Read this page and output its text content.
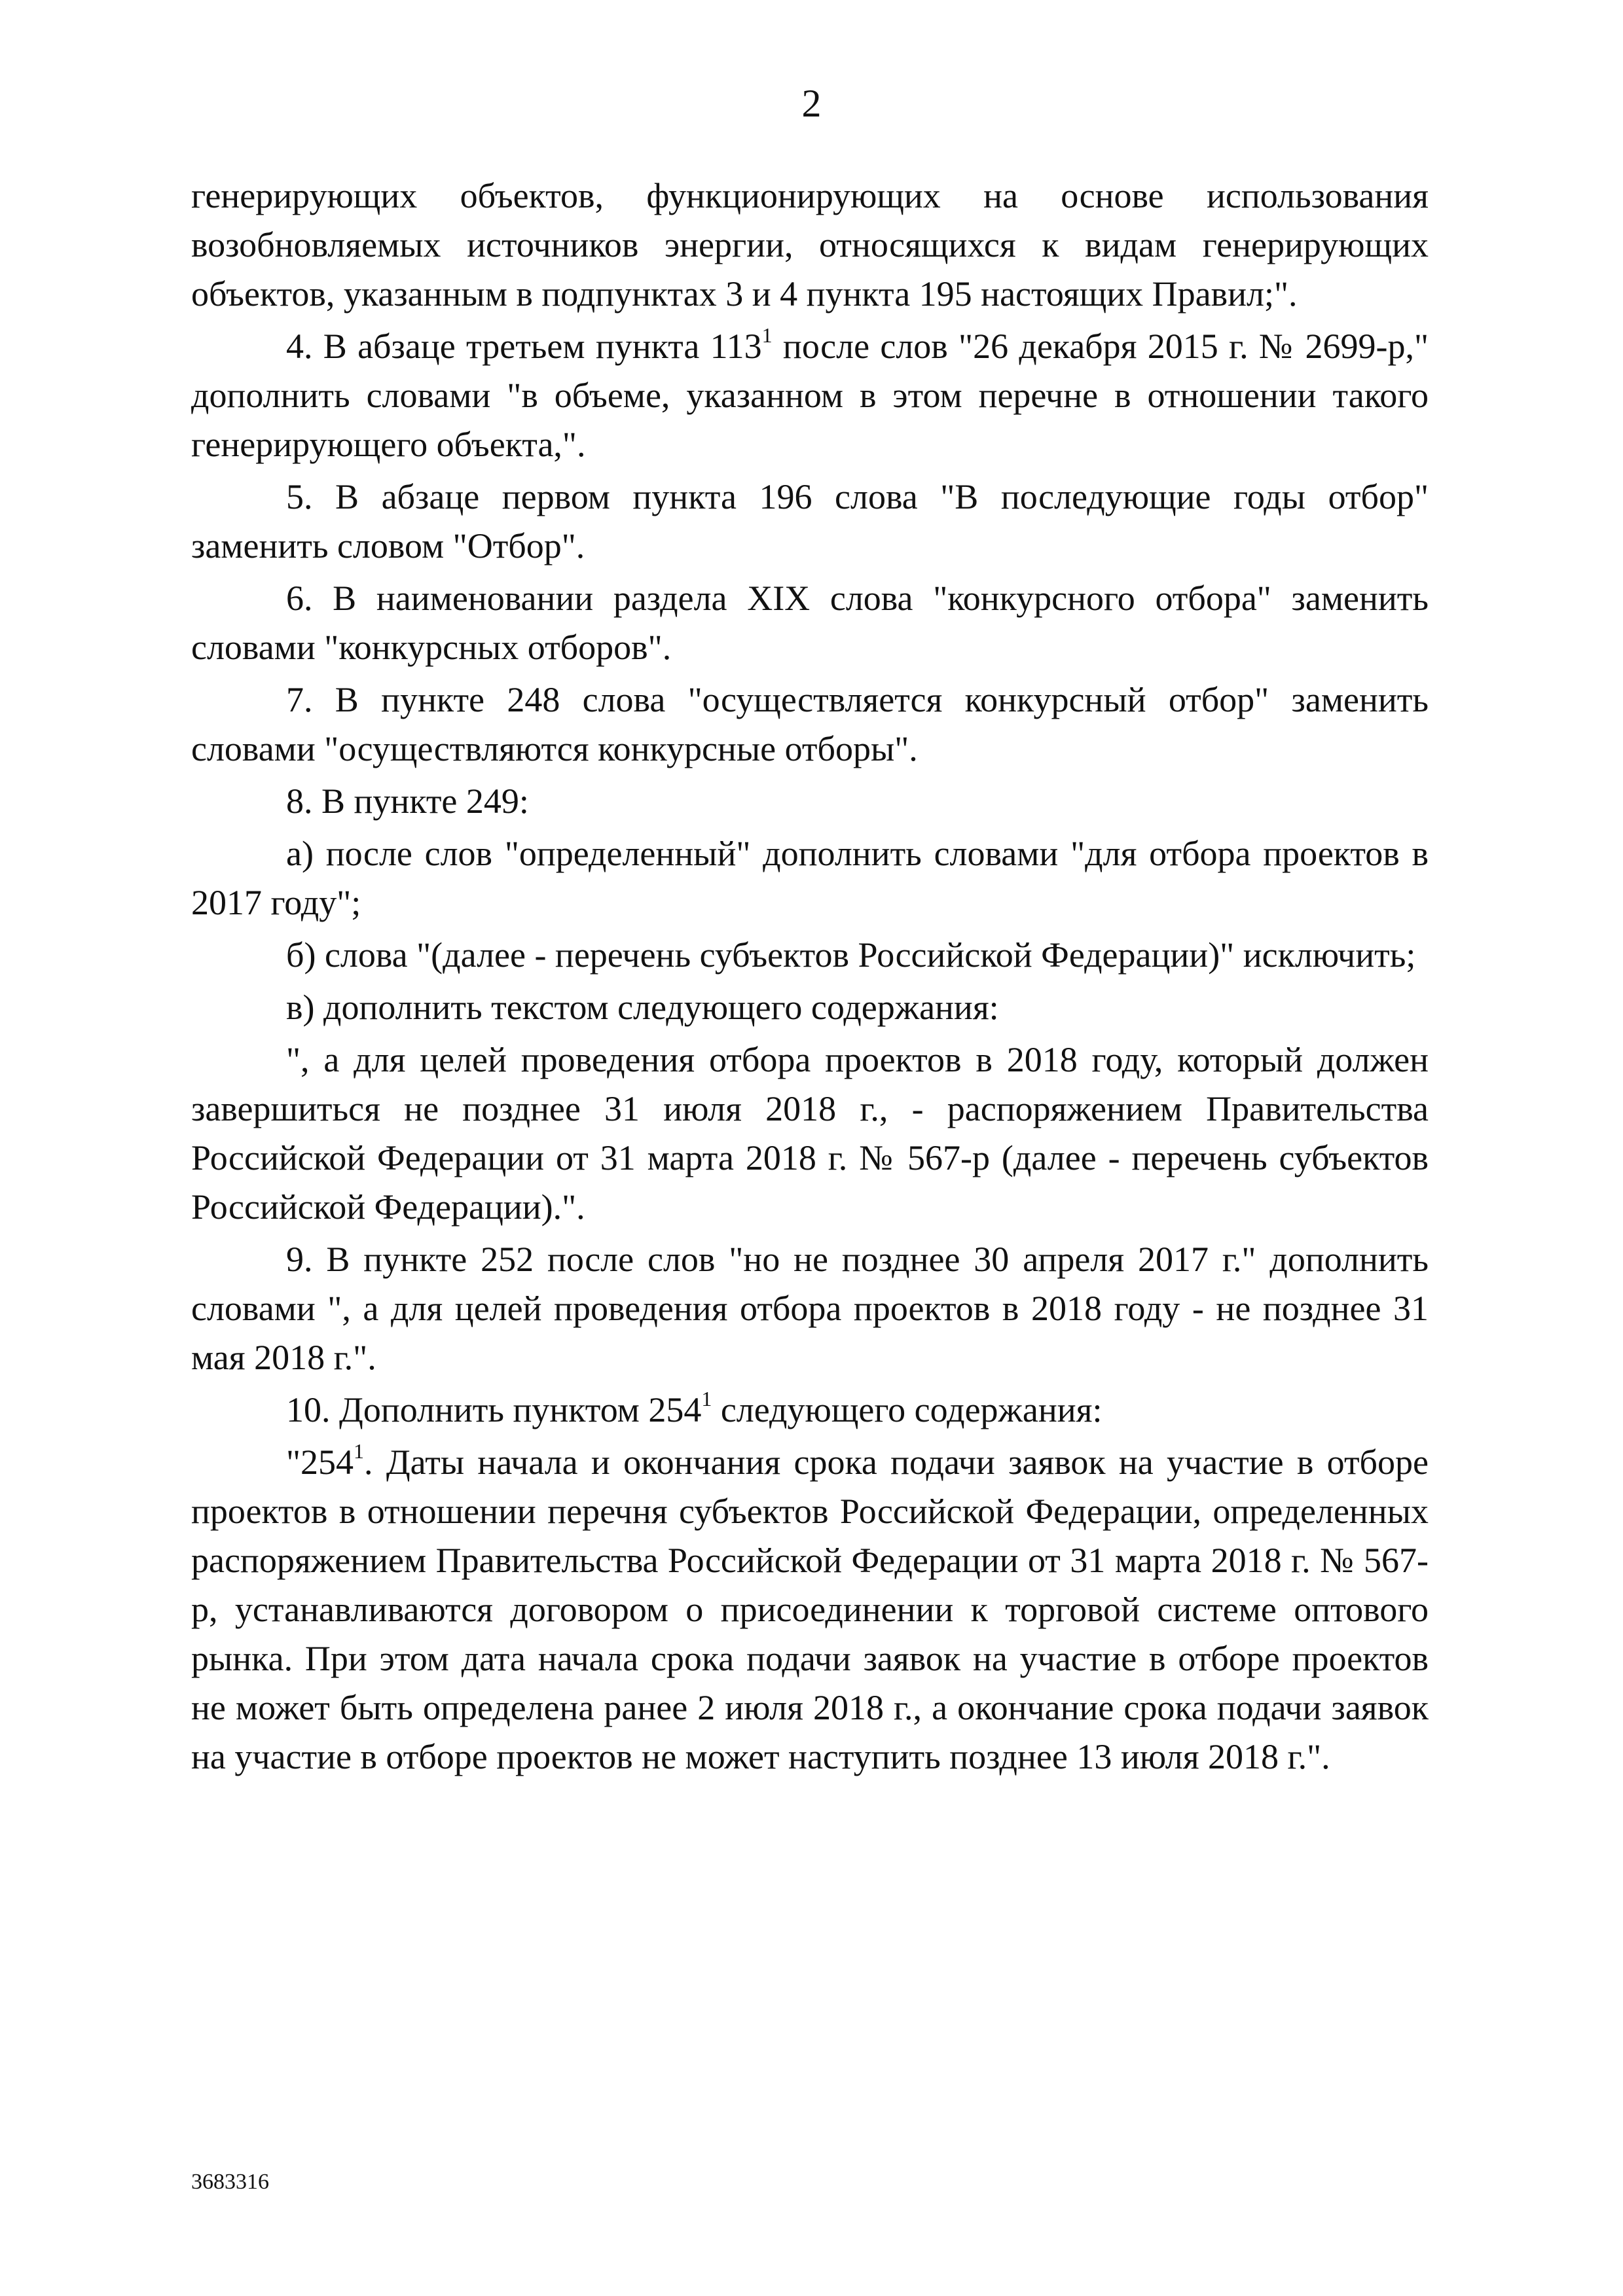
2

генерирующих объектов, функционирующих на основе использования возобновляемых источников энергии, относящихся к видам генерирующих объектов, указанным в подпунктах 3 и 4 пункта 195 настоящих Правил;".

4. В абзаце третьем пункта $113^1$ после слов "26 декабря 2015 г. № 2699-р," дополнить словами "в объеме, указанном в этом перечне в отношении такого генерирующего объекта,".

5. В абзаце первом пункта 196 слова "В последующие годы отбор" заменить словом "Отбор".

6. В наименовании раздела XIX слова "конкурсного отбора" заменить словами "конкурсных отборов".

7. В пункте 248 слова "осуществляется конкурсный отбор" заменить словами "осуществляются конкурсные отборы".

8. В пункте 249:

а) после слов "определенный" дополнить словами "для отбора проектов в 2017 году";

б) слова "(далее - перечень субъектов Российской Федерации)" исключить;

в) дополнить текстом следующего содержания:

", а для целей проведения отбора проектов в 2018 году, который должен завершиться не позднее 31 июля 2018 г., - распоряжением Правительства Российской Федерации от 31 марта 2018 г. № 567-р (далее - перечень субъектов Российской Федерации).".

9. В пункте 252 после слов "но не позднее 30 апреля 2017 г." дополнить словами ", а для целей проведения отбора проектов в 2018 году - не позднее 31 мая 2018 г.".

10. Дополнить пунктом $254^1$ следующего содержания:

"$254^1$. Даты начала и окончания срока подачи заявок на участие в отборе проектов в отношении перечня субъектов Российской Федерации, определенных распоряжением Правительства Российской Федерации от 31 марта 2018 г. № 567-р, устанавливаются договором о присоединении к торговой системе оптового рынка. При этом дата начала срока подачи заявок на участие в отборе проектов не может быть определена ранее 2 июля 2018 г., а окончание срока подачи заявок на участие в отборе проектов не может наступить позднее 13 июля 2018 г.".

3683316
